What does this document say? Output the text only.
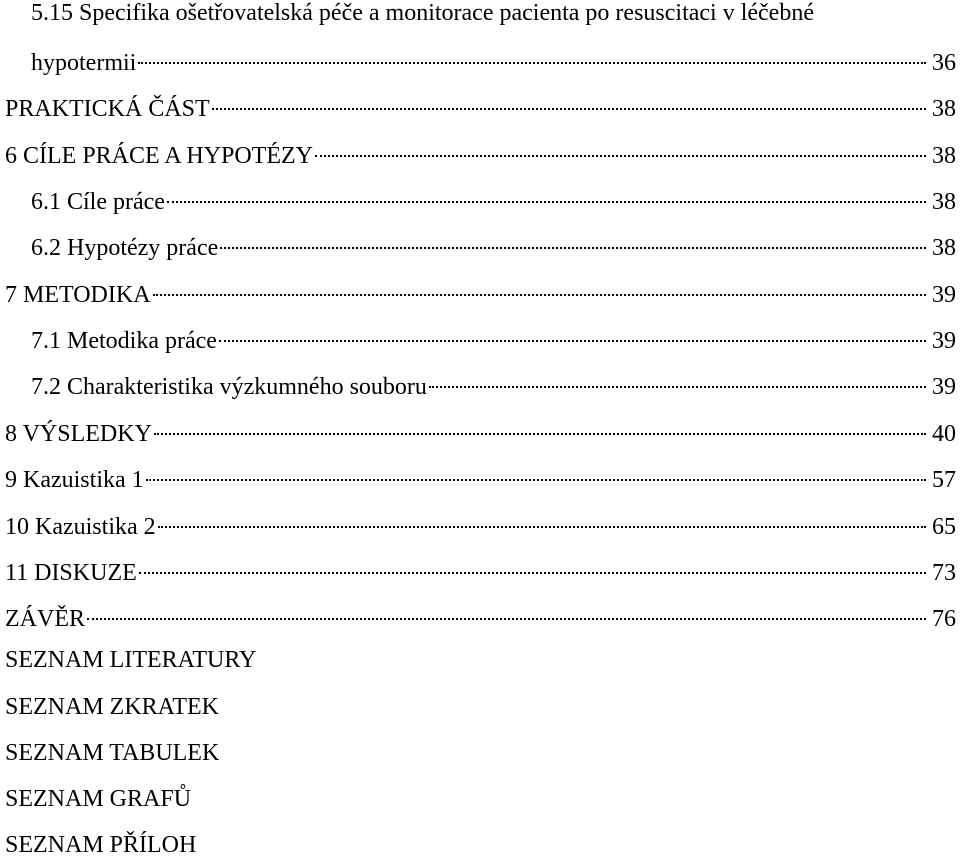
5.15 Specifika ošetřovatelská péče a monitorace pacienta po resuscitaci v léčebné
hypotermii	36
PRAKTICKÁ ČÁST	38
6 CÍLE PRÁCE A HYPOTÉZY	38
6.1 Cíle práce	38
6.2 Hypotézy práce	38
7 METODIKA	39
7.1 Metodika práce	39
7.2 Charakteristika výzkumného souboru	39
8 VÝSLEDKY	40
9 Kazuistika 1	57
10 Kazuistika 2	65
11 DISKUZE	73
ZÁVĚR	76
SEZNAM LITERATURY
SEZNAM ZKRATEK
SEZNAM TABULEK
SEZNAM GRAFŮ
SEZNAM PŘÍLOH
